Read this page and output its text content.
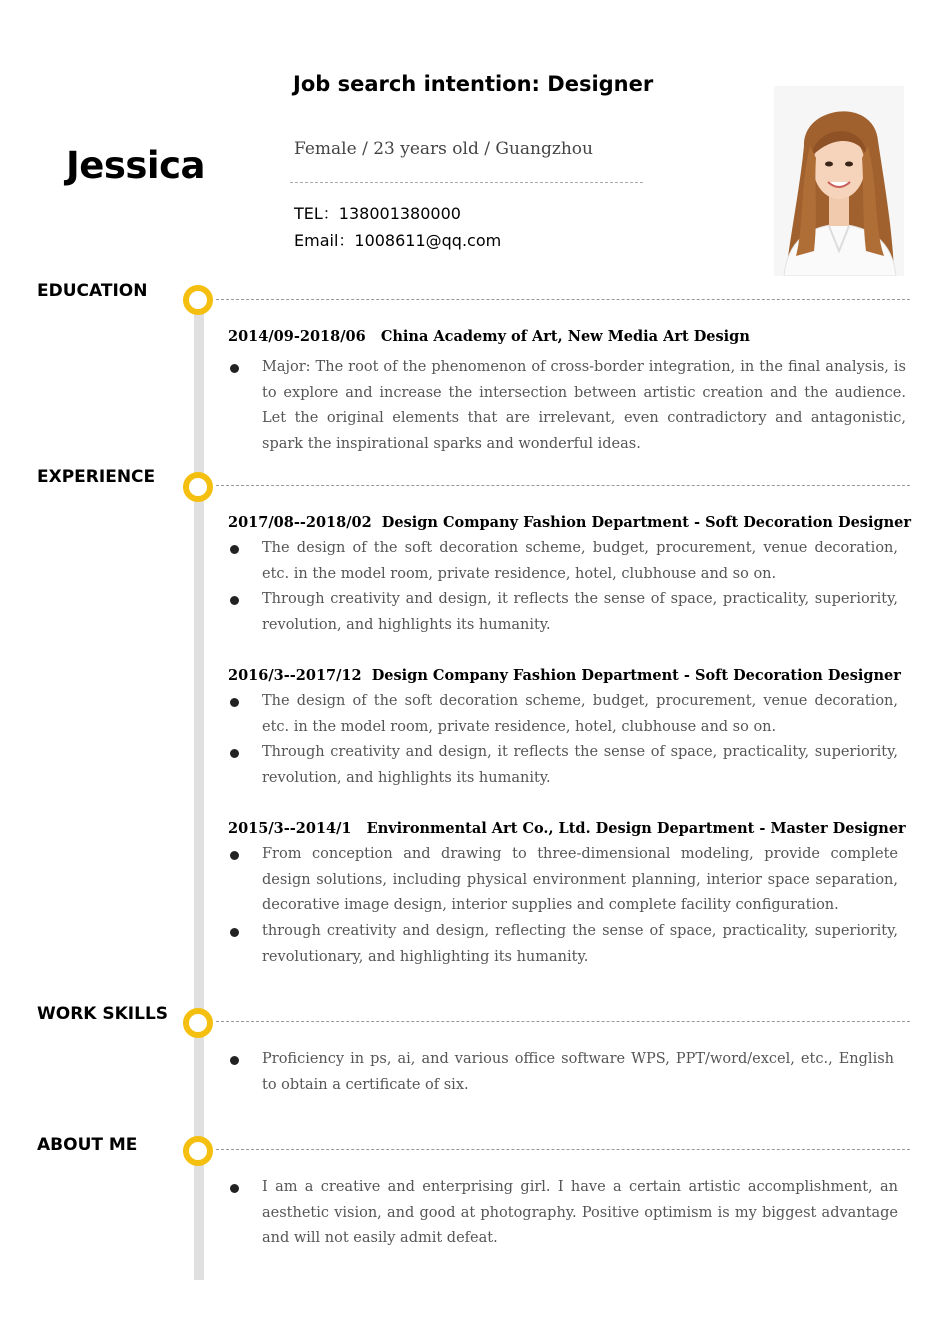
Jessica
Job search intention: Designer
Female / 23 years old / Guangzhou
TEL：138001380000
Email：1008611@qq.com
EDUCATION
2014/09-2018/06   China Academy of Art, New Media Art Design
Major: The root of the phenomenon of cross-border integration, in the final analysis, is to explore and increase the intersection between artistic creation and the audience. Let the original elements that are irrelevant, even contradictory and antagonistic, spark the inspirational sparks and wonderful ideas.
EXPERIENCE
2017/08--2018/02  Design Company Fashion Department - Soft Decoration Designer
The design of the soft decoration scheme, budget, procurement, venue decoration, etc. in the model room, private residence, hotel, clubhouse and so on.
Through creativity and design, it reflects the sense of space, practicality, superiority, revolution, and highlights its humanity.
2016/3--2017/12  Design Company Fashion Department - Soft Decoration Designer
The design of the soft decoration scheme, budget, procurement, venue decoration, etc. in the model room, private residence, hotel, clubhouse and so on.
Through creativity and design, it reflects the sense of space, practicality, superiority, revolution, and highlights its humanity.
2015/3--2014/1   Environmental Art Co., Ltd. Design Department - Master Designer
From conception and drawing to three-dimensional modeling, provide complete design solutions, including physical environment planning, interior space separation, decorative image design, interior supplies and complete facility configuration.
through creativity and design, reflecting the sense of space, practicality, superiority, revolutionary, and highlighting its humanity.
WORK SKILLS
Proficiency in ps, ai, and various office software WPS, PPT/word/excel, etc., English to obtain a certificate of six.
ABOUT ME
I am a creative and enterprising girl. I have a certain artistic accomplishment, an aesthetic vision, and good at photography. Positive optimism is my biggest advantage and will not easily admit defeat.
